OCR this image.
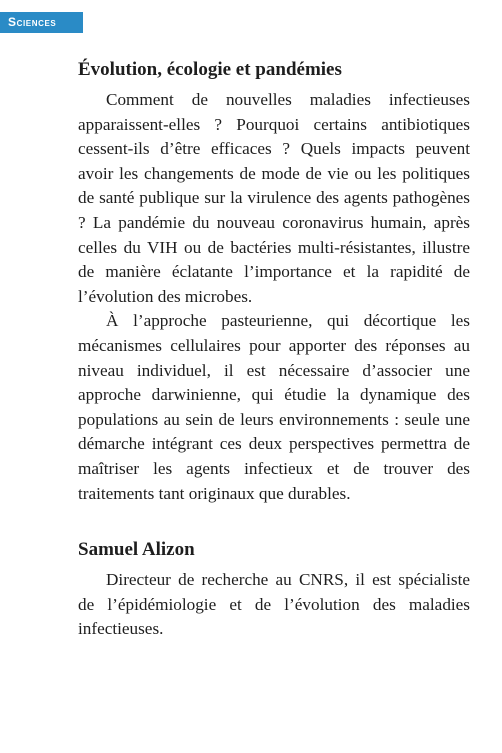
Sciences
Évolution, écologie et pandémies

Comment de nouvelles maladies infectieuses apparaissent-elles ? Pourquoi certains antibiotiques cessent-ils d’être efficaces ? Quels impacts peuvent avoir les changements de mode de vie ou les politiques de santé publique sur la virulence des agents pathogènes ? La pandémie du nouveau coronavirus humain, après celles du VIH ou de bactéries multi-résistantes, illustre de manière éclatante l’importance et la rapidité de l’évolution des microbes.

À l’approche pasteurienne, qui décortique les mécanismes cellulaires pour apporter des réponses au niveau individuel, il est nécessaire d’associer une approche darwinienne, qui étudie la dynamique des populations au sein de leurs environnements : seule une démarche intégrant ces deux perspectives permettra de maîtriser les agents infectieux et de trouver des traitements tant originaux que durables.

Samuel Alizon

Directeur de recherche au CNRS, il est spécialiste de l’épidémiologie et de l’évolution des maladies infectieuses.
